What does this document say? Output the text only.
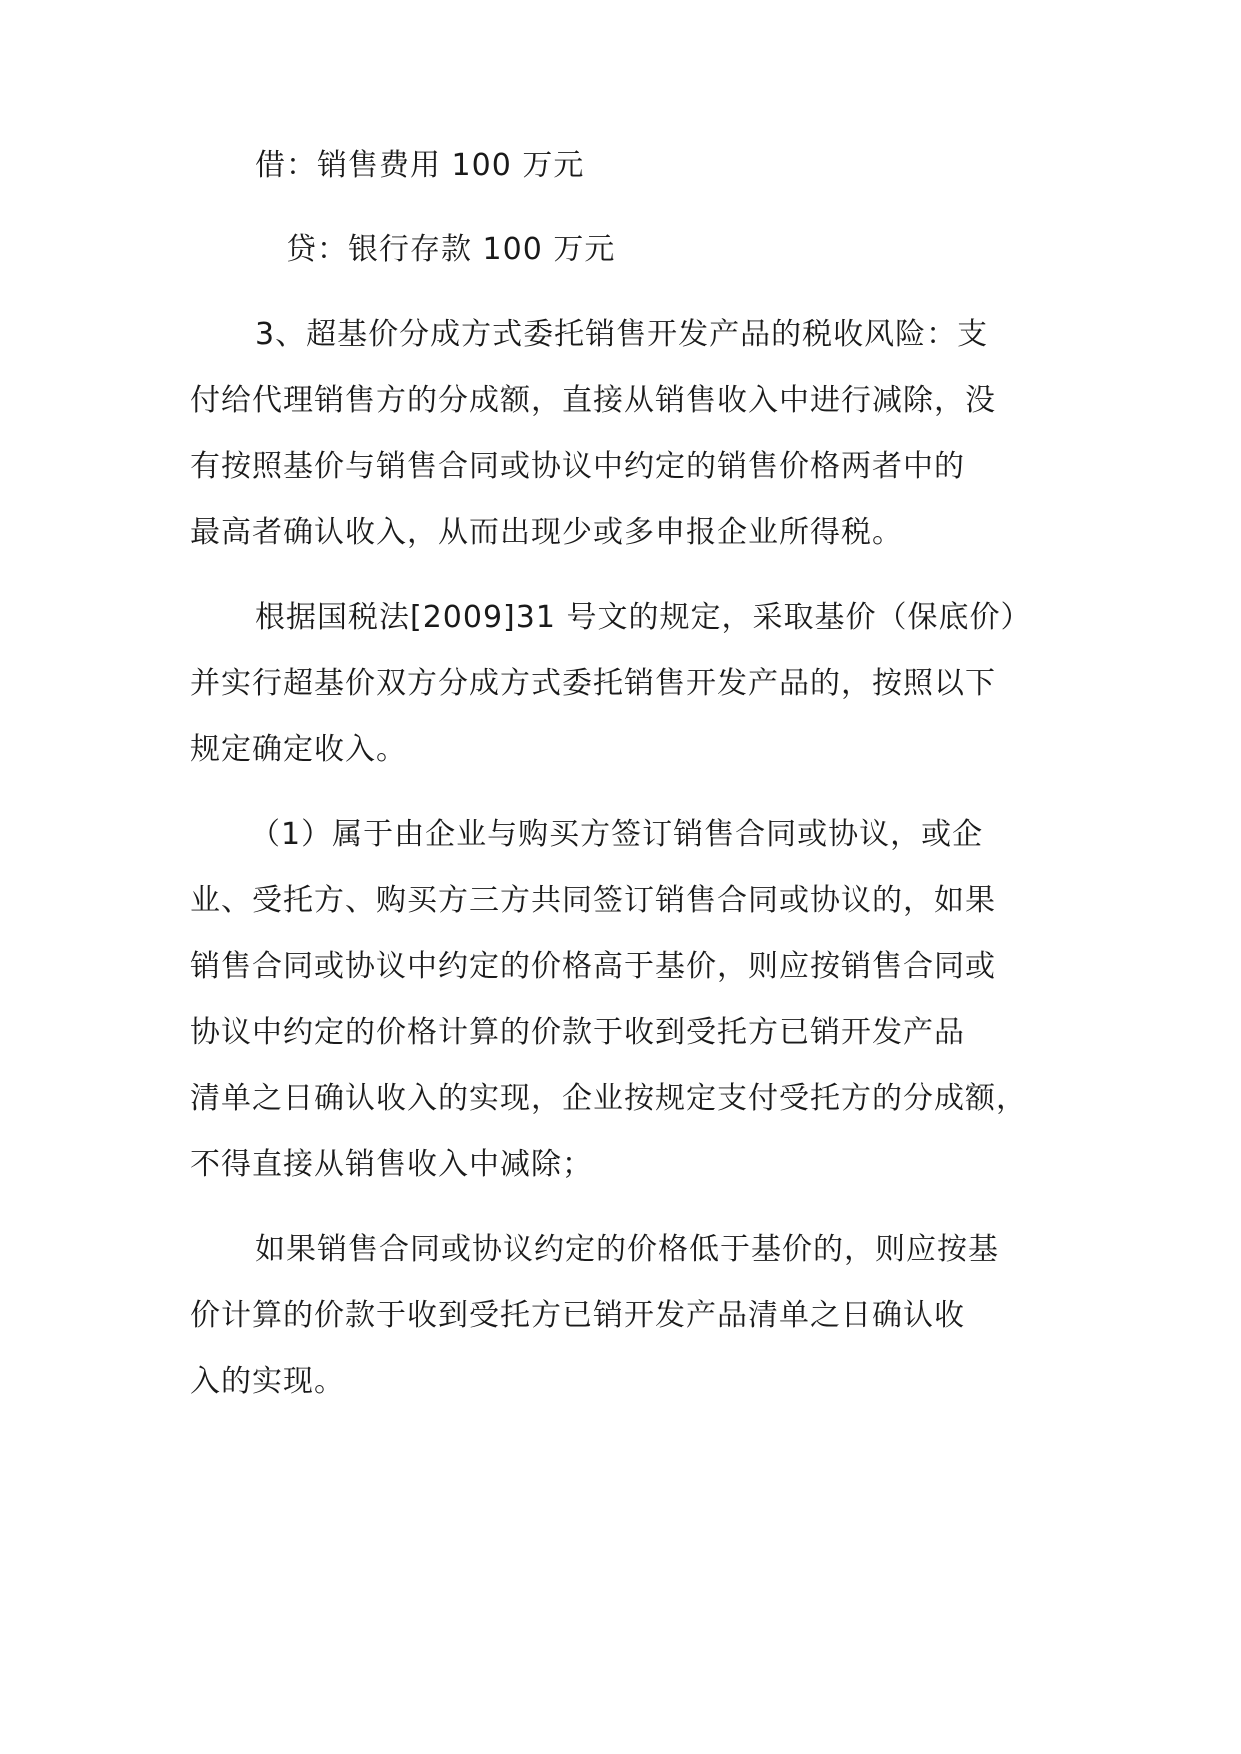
借：销售费用 100 万元
贷：银行存款 100 万元
3、超基价分成方式委托销售开发产品的税收风险：支
付给代理销售方的分成额，直接从销售收入中进行减除，没
有按照基价与销售合同或协议中约定的销售价格两者中的
最高者确认收入，从而出现少或多申报企业所得税。
根据国税法[2009]31 号文的规定，采取基价（保底价）
并实行超基价双方分成方式委托销售开发产品的，按照以下
规定确定收入。
（1）属于由企业与购买方签订销售合同或协议，或企
业、受托方、购买方三方共同签订销售合同或协议的，如果
销售合同或协议中约定的价格高于基价，则应按销售合同或
协议中约定的价格计算的价款于收到受托方已销开发产品
清单之日确认收入的实现，企业按规定支付受托方的分成额，
不得直接从销售收入中减除；
如果销售合同或协议约定的价格低于基价的，则应按基
价计算的价款于收到受托方已销开发产品清单之日确认收
入的实现。
